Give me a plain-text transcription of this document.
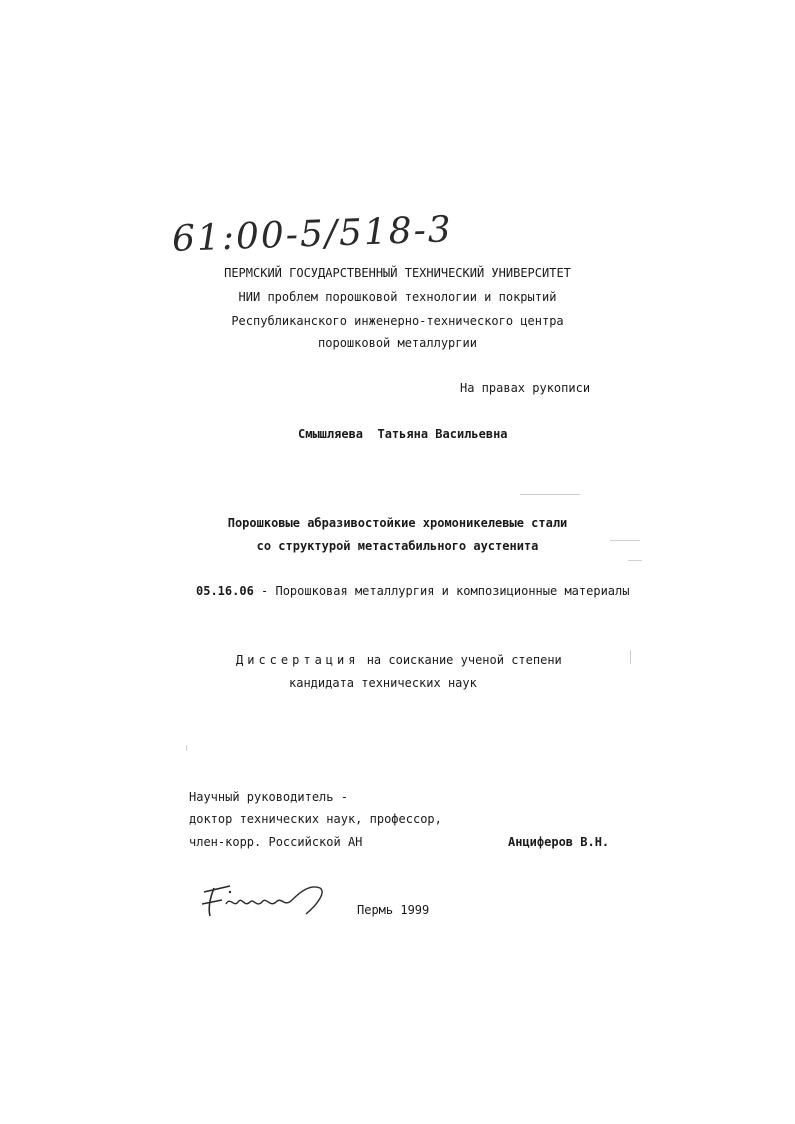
61:00-5/518-3
ПЕРМСКИЙ ГОСУДАРСТВЕННЫЙ ТЕХНИЧЕСКИЙ УНИВЕРСИТЕТ
НИИ проблем порошковой технологии и покрытий
Республиканского инженерно-технического центра
порошковой металлургии
На правах рукописи
Смышляева  Татьяна Васильевна
Порошковые абразивостойкие хромоникелевые стали
со структурой метастабильного аустенита
05.16.06 - Порошковая металлургия и композиционные материалы
Диссертация на соискание ученой степени
кандидата технических наук
Научный руководитель -
доктор технических наук, профессор,
член-корр. Российской АН	Анциферов В.Н.
Пермь 1999
